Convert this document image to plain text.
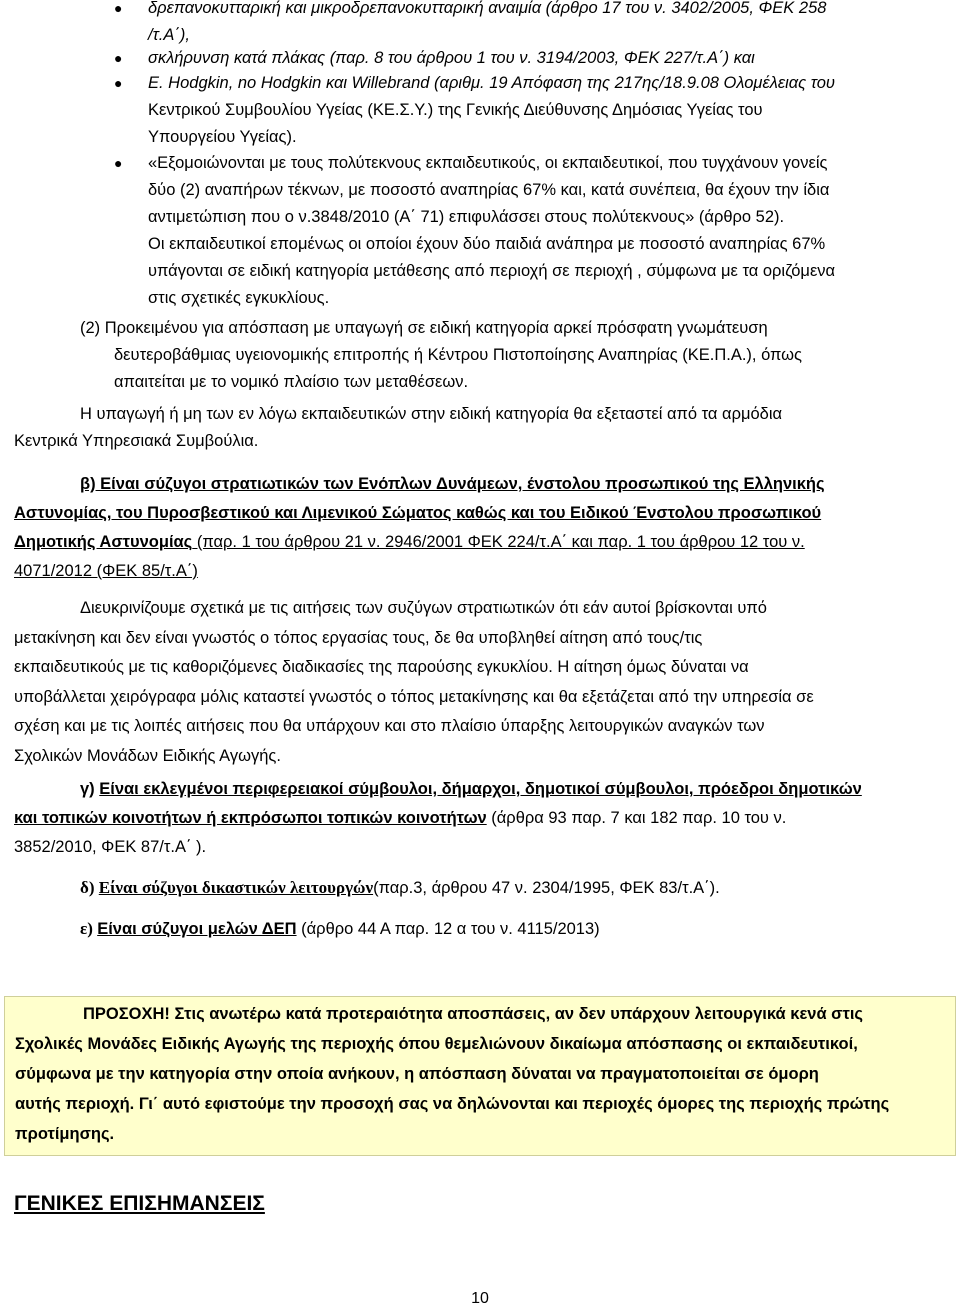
● δρεπανοκυτταρική και μικροδρεπανοκυτταρική αναιμία (άρθρο 17 του ν. 3402/2005, ΦΕΚ 258
/τ.Α΄),
● σκλήρυνση κατά πλάκας (παρ. 8 του άρθρου 1 του ν. 3194/2003, ΦΕΚ 227/τ.Α΄) και
● Ε. Hodgkin, no Hodgkin και Willebrand (αριθμ. 19 Απόφαση της 217ης/18.9.08 Ολομέλειας του
Κεντρικού Συμβουλίου Υγείας (ΚΕ.Σ.Υ.) της Γενικής Διεύθυνσης Δημόσιας Υγείας του
Υπουργείου Υγείας).
● «Εξομοιώνονται με τους πολύτεκνους εκπαιδευτικούς, οι εκπαιδευτικοί, που τυγχάνουν γονείς
δύο (2) αναπήρων τέκνων, με ποσοστό αναπηρίας 67% και, κατά συνέπεια, θα έχουν την ίδια
αντιμετώπιση που ο ν.3848/2010 (Α΄ 71) επιφυλάσσει στους πολύτεκνους» (άρθρο 52).
Οι εκπαιδευτικοί επομένως οι οποίοι έχουν δύο παιδιά ανάπηρα με ποσοστό αναπηρίας 67%
υπάγονται σε ειδική κατηγορία μετάθεσης από περιοχή σε περιοχή , σύμφωνα με τα οριζόμενα
στις σχετικές εγκυκλίους.
(2) Προκειμένου για απόσπαση με υπαγωγή σε ειδική κατηγορία αρκεί πρόσφατη γνωμάτευση
δευτεροβάθμιας υγειονομικής επιτροπής ή Κέντρου Πιστοποίησης Αναπηρίας (ΚΕ.Π.Α.), όπως
απαιτείται με το νομικό πλαίσιο των μεταθέσεων.
Η υπαγωγή ή μη των εν λόγω εκπαιδευτικών στην ειδική κατηγορία θα εξεταστεί από τα αρμόδια
Κεντρικά Υπηρεσιακά Συμβούλια.
β) Είναι σύζυγοι στρατιωτικών των Ενόπλων Δυνάμεων, ένστολου προσωπικού της Ελληνικής
Αστυνομίας, του Πυροσβεστικού και Λιμενικού Σώματος καθώς και του Ειδικού Ένστολου προσωπικού
Δημοτικής Αστυνομίας (παρ. 1 του άρθρου 21 ν. 2946/2001 ΦΕΚ 224/τ.Α΄ και παρ. 1 του άρθρου 12 του ν.
4071/2012 (ΦΕΚ 85/τ.Α΄)
Διευκρινίζουμε σχετικά με τις αιτήσεις των συζύγων στρατιωτικών ότι εάν αυτοί βρίσκονται υπό
μετακίνηση και δεν είναι γνωστός ο τόπος εργασίας τους, δε θα υποβληθεί αίτηση από τους/τις
εκπαιδευτικούς με τις καθοριζόμενες διαδικασίες της παρούσης εγκυκλίου. Η αίτηση όμως δύναται να
υποβάλλεται χειρόγραφα μόλις καταστεί γνωστός ο τόπος μετακίνησης και θα εξετάζεται από την υπηρεσία σε
σχέση και με τις λοιπές αιτήσεις που θα υπάρχουν και στο πλαίσιο ύπαρξης λειτουργικών αναγκών των
Σχολικών Μονάδων Ειδικής Αγωγής.
γ) Είναι εκλεγμένοι περιφερειακοί σύμβουλοι, δήμαρχοι, δημοτικοί σύμβουλοι, πρόεδροι δημοτικών
και τοπικών κοινοτήτων ή εκπρόσωποι τοπικών κοινοτήτων (άρθρα 93 παρ. 7 και 182 παρ. 10 του ν.
3852/2010, ΦΕΚ 87/τ.Α΄ ).
δ) Είναι σύζυγοι δικαστικών λειτουργών(παρ.3, άρθρου 47 ν. 2304/1995, ΦΕΚ 83/τ.Α΄).
ε) Είναι σύζυγοι μελών ΔΕΠ (άρθρο 44 Α παρ. 12 α του ν. 4115/2013)
ΠΡΟΣΟΧΗ! Στις ανωτέρω κατά προτεραιότητα αποσπάσεις, αν δεν υπάρχουν λειτουργικά κενά στις
Σχολικές Μονάδες Ειδικής Αγωγής της περιοχής όπου θεμελιώνουν δικαίωμα απόσπασης οι εκπαιδευτικοί,
σύμφωνα με την κατηγορία στην οποία ανήκουν, η απόσπαση δύναται να πραγματοποιείται σε όμορη
αυτής περιοχή. Γι΄ αυτό εφιστούμε την προσοχή σας να δηλώνονται και περιοχές όμορες της περιοχής πρώτης
προτίμησης.
ΓΕΝΙΚΕΣ ΕΠΙΣΗΜΑΝΣΕΙΣ
10
